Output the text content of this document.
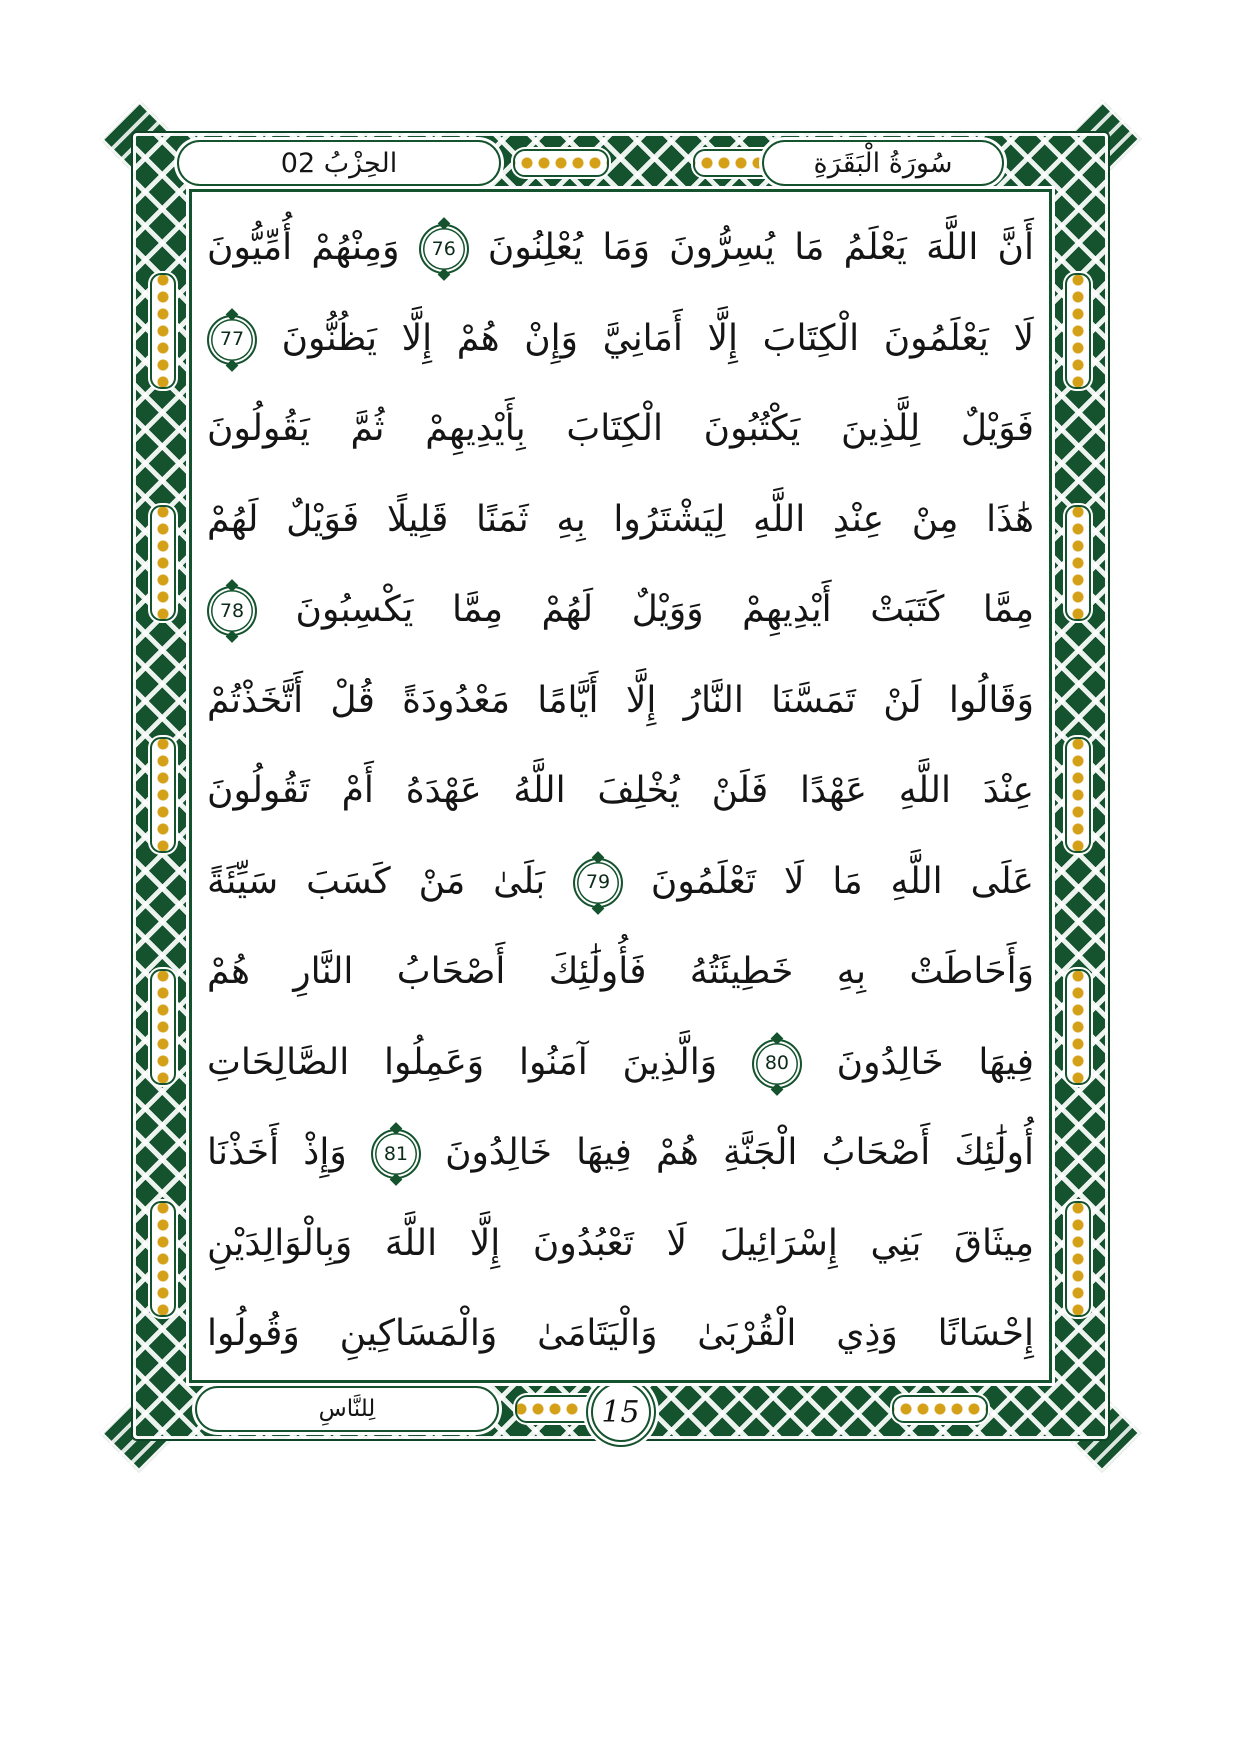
الحِزْبُ 02	سُورَةُ الْبَقَرَةِ
لِلنَّاسِ	15
أَنَّ اللَّهَ يَعْلَمُ مَا يُسِرُّونَ وَمَا يُعْلِنُونَ 76 وَمِنْهُمْ أُمِّيُّونَ
لَا يَعْلَمُونَ الْكِتَابَ إِلَّا أَمَانِيَّ وَإِنْ هُمْ إِلَّا يَظُنُّونَ 77
فَوَيْلٌ لِلَّذِينَ يَكْتُبُونَ الْكِتَابَ بِأَيْدِيهِمْ ثُمَّ يَقُولُونَ
هَٰذَا مِنْ عِنْدِ اللَّهِ لِيَشْتَرُوا بِهِ ثَمَنًا قَلِيلًا فَوَيْلٌ لَهُمْ
مِمَّا كَتَبَتْ أَيْدِيهِمْ وَوَيْلٌ لَهُمْ مِمَّا يَكْسِبُونَ 78
وَقَالُوا لَنْ تَمَسَّنَا النَّارُ إِلَّا أَيَّامًا مَعْدُودَةً قُلْ أَتَّخَذْتُمْ
عِنْدَ اللَّهِ عَهْدًا فَلَنْ يُخْلِفَ اللَّهُ عَهْدَهُ أَمْ تَقُولُونَ
عَلَى اللَّهِ مَا لَا تَعْلَمُونَ 79 بَلَىٰ مَنْ كَسَبَ سَيِّئَةً
وَأَحَاطَتْ بِهِ خَطِيئَتُهُ فَأُولَٰئِكَ أَصْحَابُ النَّارِ هُمْ
فِيهَا خَالِدُونَ 80 وَالَّذِينَ آمَنُوا وَعَمِلُوا الصَّالِحَاتِ
أُولَٰئِكَ أَصْحَابُ الْجَنَّةِ هُمْ فِيهَا خَالِدُونَ 81 وَإِذْ أَخَذْنَا
مِيثَاقَ بَنِي إِسْرَائِيلَ لَا تَعْبُدُونَ إِلَّا اللَّهَ وَبِالْوَالِدَيْنِ
إِحْسَانًا وَذِي الْقُرْبَىٰ وَالْيَتَامَىٰ وَالْمَسَاكِينِ وَقُولُوا
